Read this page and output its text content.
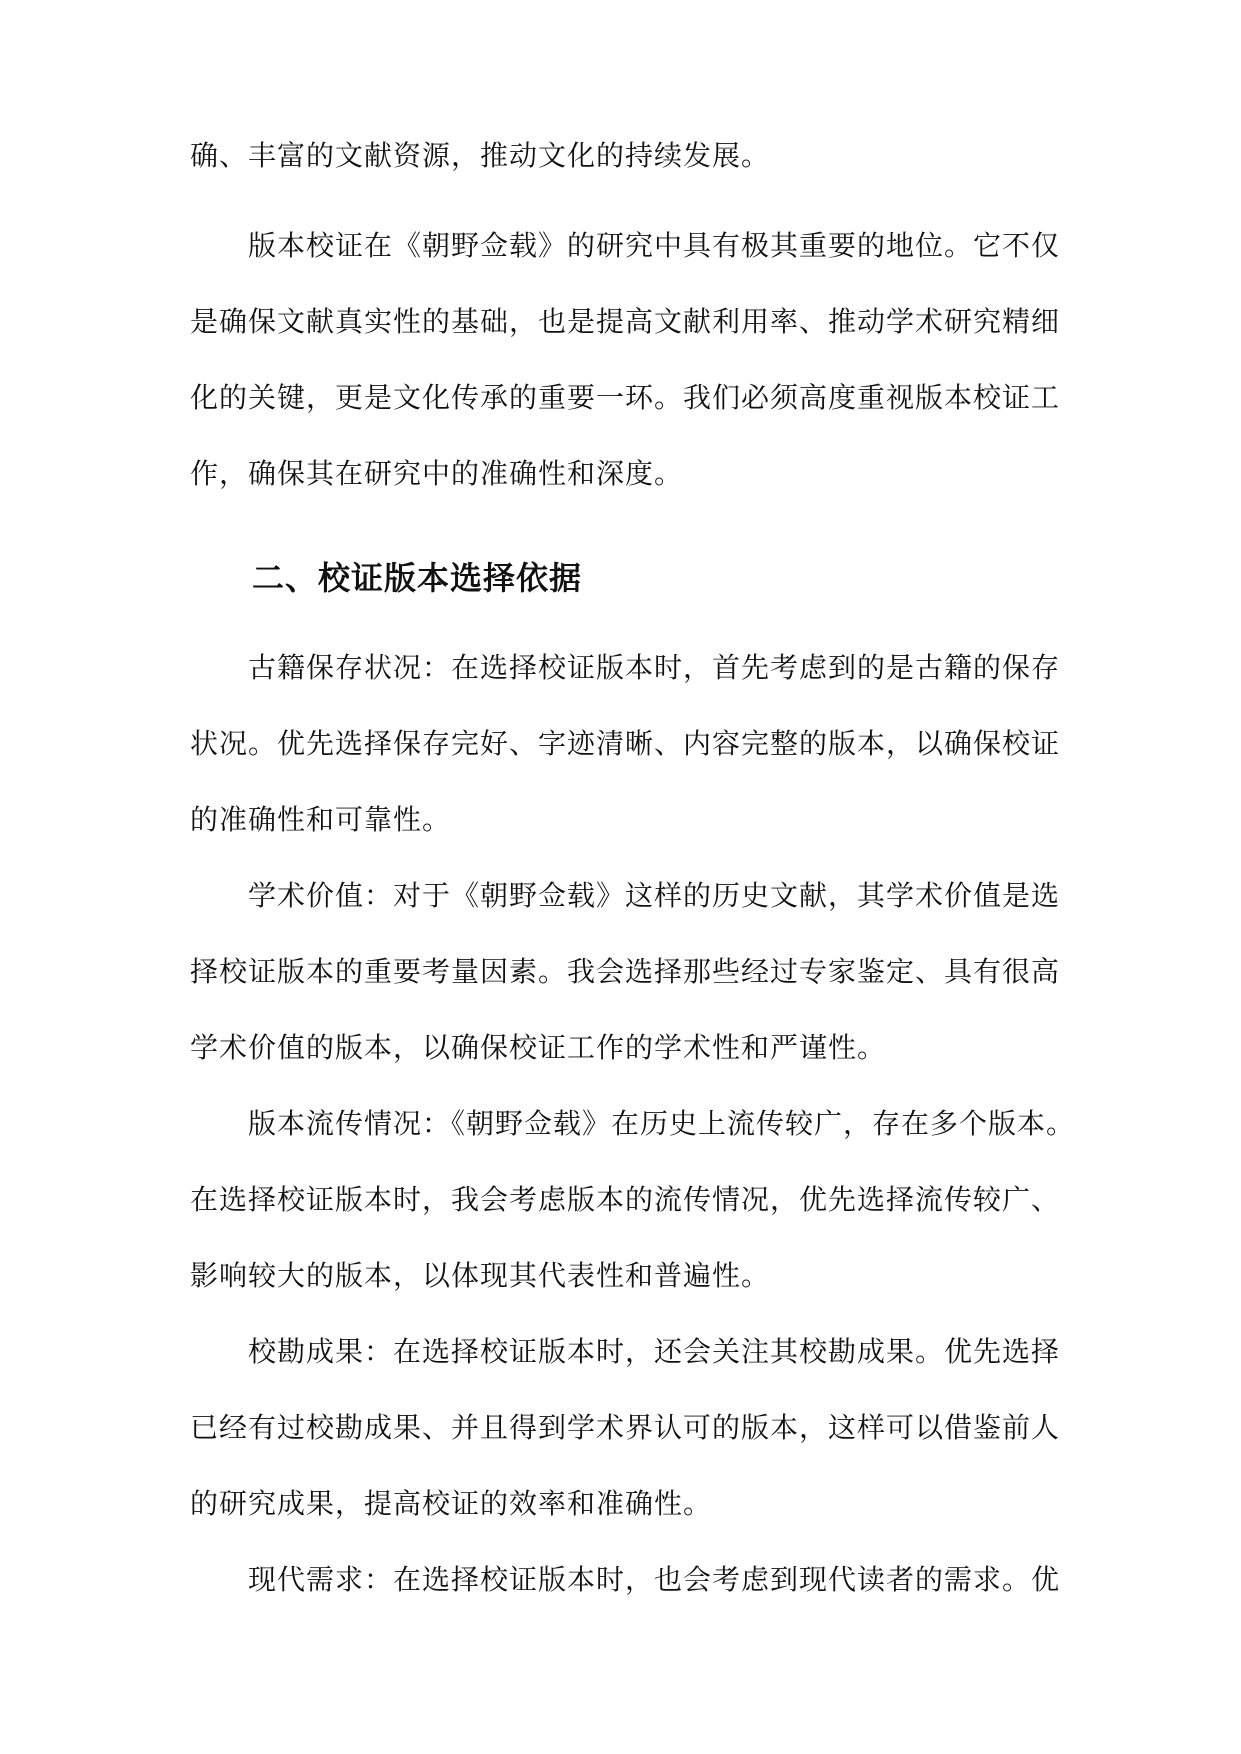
确、丰富的文献资源，推动文化的持续发展。
版本校证在《朝野佥载》的研究中具有极其重要的地位。它不仅
是确保文献真实性的基础，也是提高文献利用率、推动学术研究精细
化的关键，更是文化传承的重要一环。我们必须高度重视版本校证工
作，确保其在研究中的准确性和深度。
二、校证版本选择依据
古籍保存状况：在选择校证版本时，首先考虑到的是古籍的保存
状况。优先选择保存完好、字迹清晰、内容完整的版本，以确保校证
的准确性和可靠性。
学术价值：对于《朝野佥载》这样的历史文献，其学术价值是选
择校证版本的重要考量因素。我会选择那些经过专家鉴定、具有很高
学术价值的版本，以确保校证工作的学术性和严谨性。
版本流传情况：《朝野佥载》在历史上流传较广，存在多个版本。
在选择校证版本时，我会考虑版本的流传情况，优先选择流传较广、
影响较大的版本，以体现其代表性和普遍性。
校勘成果：在选择校证版本时，还会关注其校勘成果。优先选择
已经有过校勘成果、并且得到学术界认可的版本，这样可以借鉴前人
的研究成果，提高校证的效率和准确性。
现代需求：在选择校证版本时，也会考虑到现代读者的需求。优
